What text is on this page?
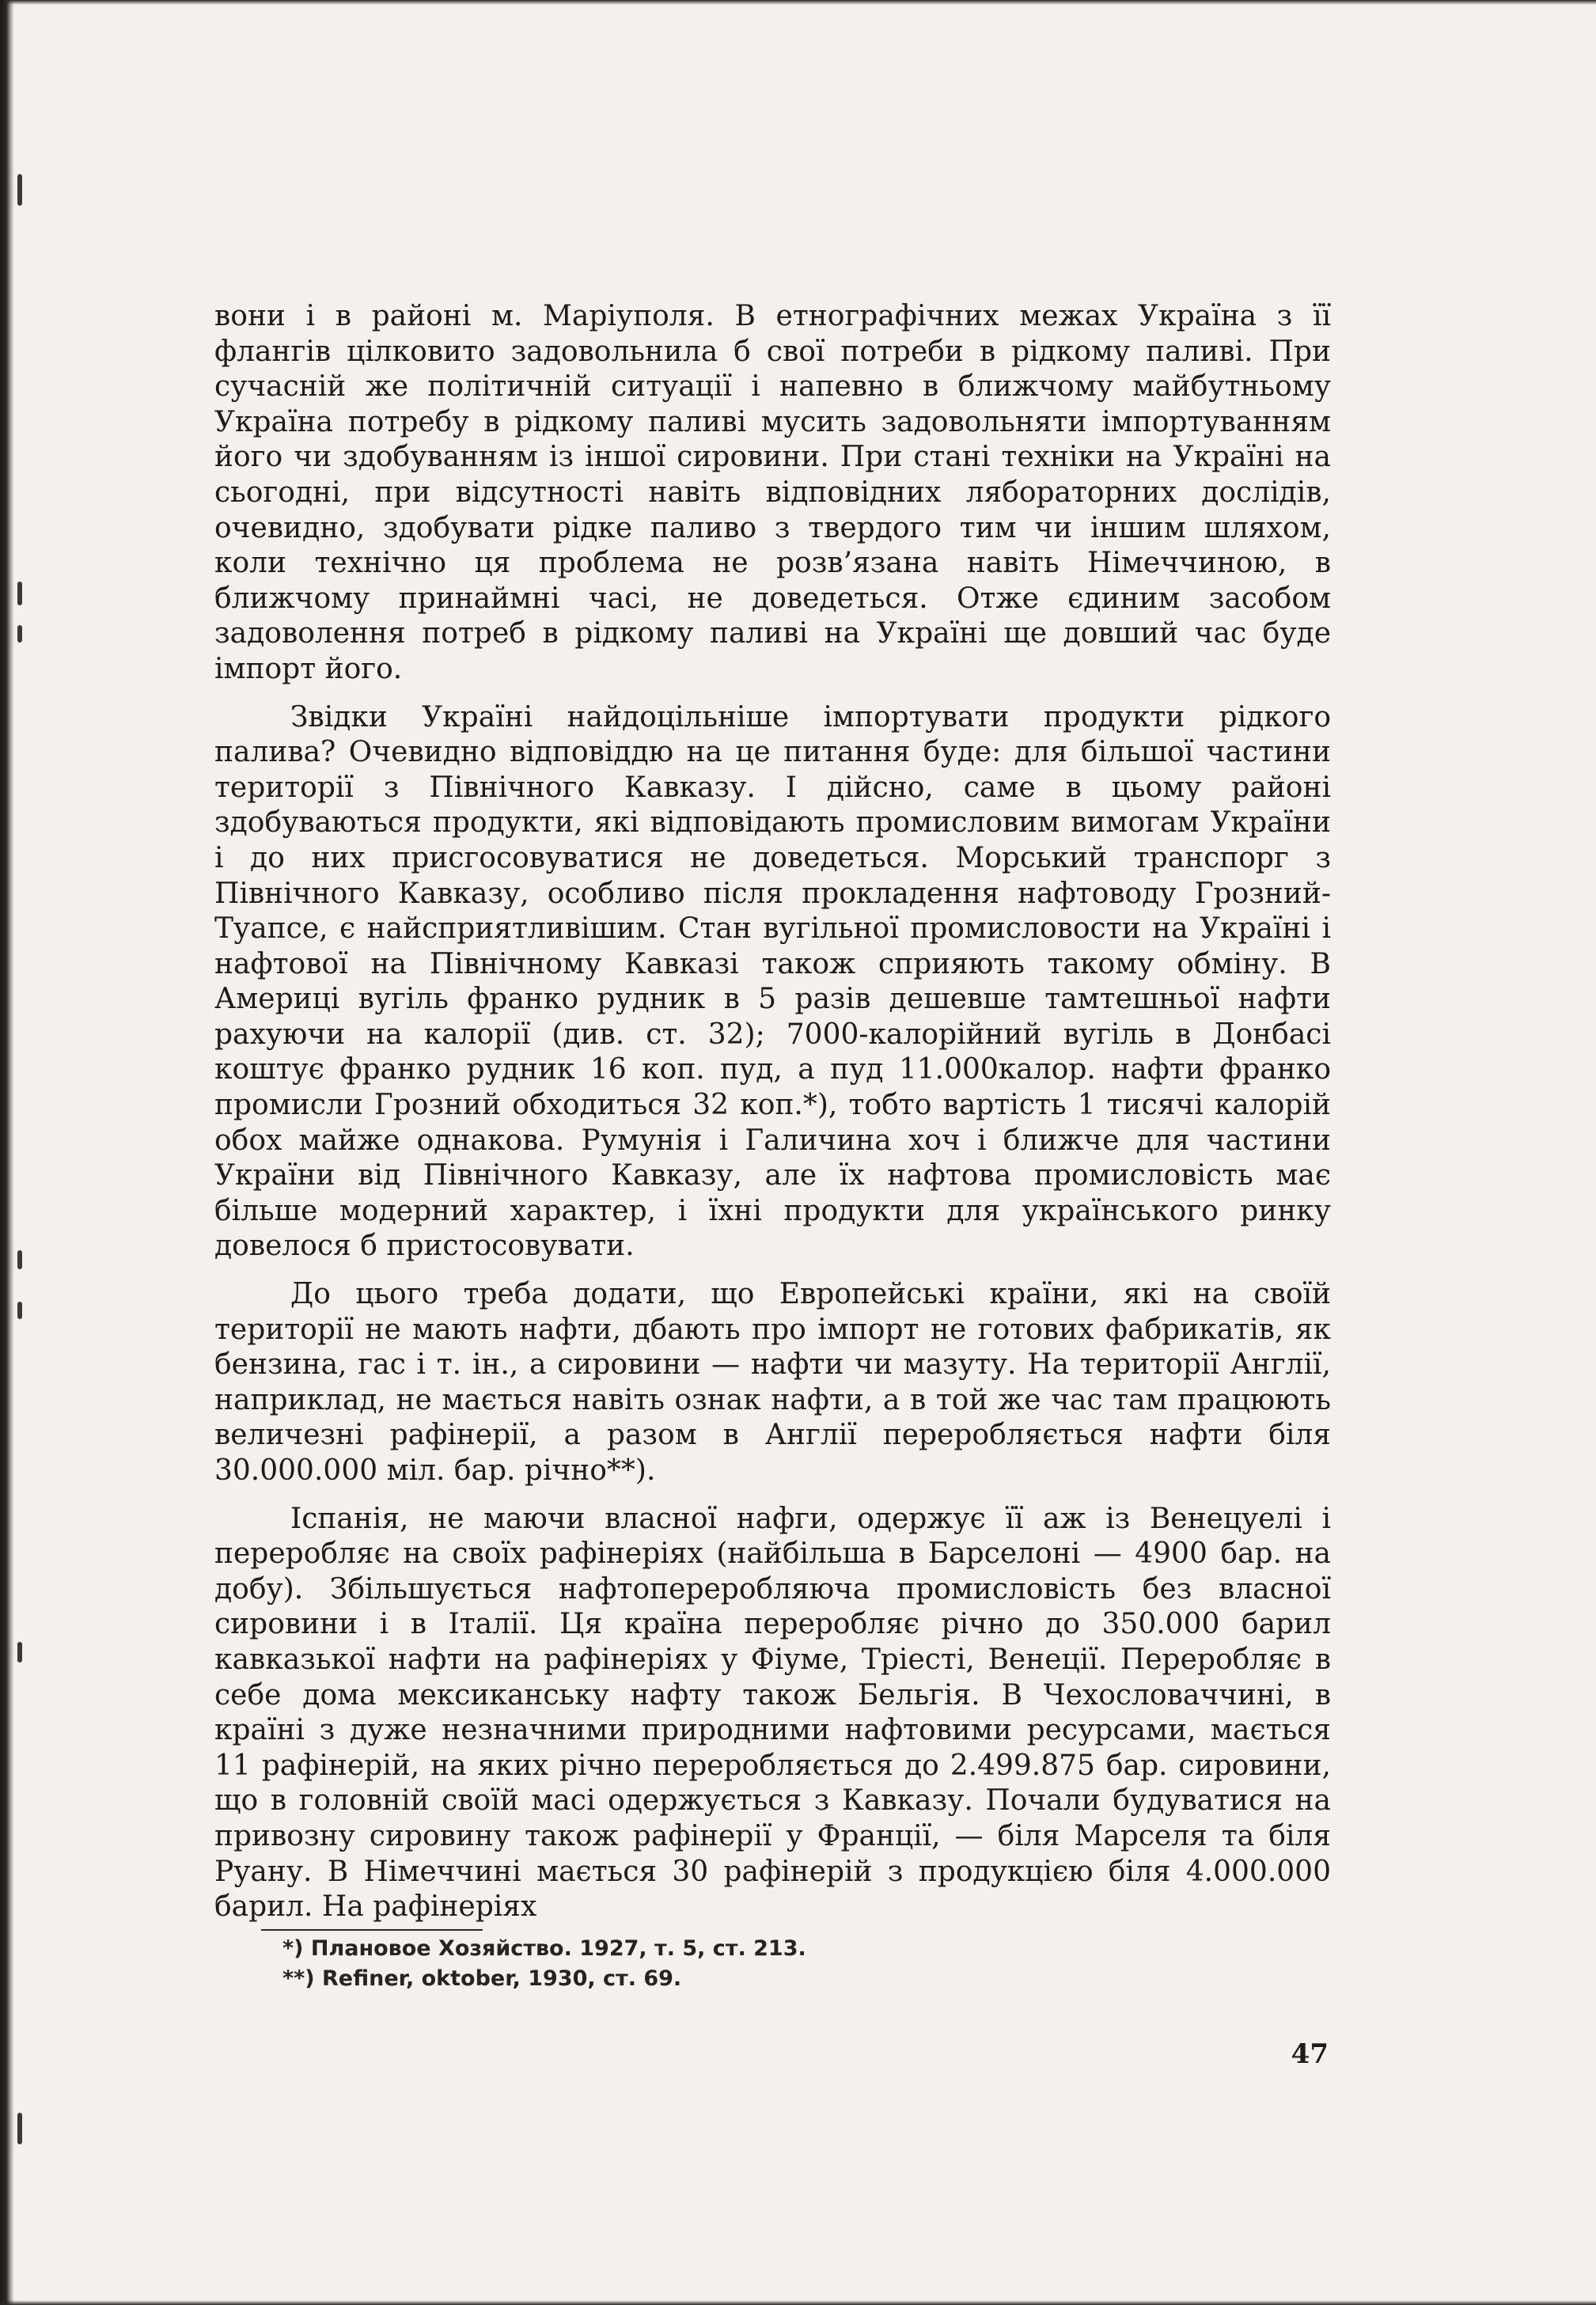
вони і в районі м. Маріуполя. В етнографічних межах Україна з її флангів цілковито задовольнила б свої потреби в рідкому паливі. При сучасній же політичній ситуації і напевно в ближчому майбутньому Україна потребу в рідкому паливі мусить задовольняти імпортуванням його чи здобуванням із іншої сировини. При стані техніки на Україні на сьогодні, при відсутності навіть відповідних ляборатoрних дослідів, очевидно, здобувати рідке паливо з твердого тим чи іншим шляхом, коли технічно ця проблема не розв’язана навіть Німеччиною, в ближчому принаймні часі, не доведеться. Отже єдиним засобом задоволення потреб в рідкому паливі на Україні ще довший час буде імпорт його.

Звідки Україні найдоцільніше імпортувати продукти рідкого палива? Очевидно відповіддю на це питання буде: для більшої частини території з Північного Кавказу. І дійсно, саме в цьому районі здобуваються продукти, які відповідають промисловим вимогам України і до них присгосовуватися не доведеться. Морський транспорг з Північного Кавказу, особливо після прокладення нафтоводу Грозний-Туапсе, є найсприятливішим. Стан вугільної промисловости на Україні і нафтової на Північному Кавказі також сприяють такому обміну. В Америці вугіль франко рудник в 5 разів дешевше тамтешньої нафти рахуючи на калорії (див. ст. 32); 7000-калорійний вугіль в Донбасі коштує франко рудник 16 коп. пуд, а пуд 11.000калор. нафти франко промисли Грозний обходиться 32 коп.*), тобто вартість 1 тисячі калорій обох майже однакова. Румунія і Галичина хоч і ближче для частини України від Північного Кавказу, але їх нафтова промисловість має більше модерний характер, і їхні продукти для українського ринку довелося б пристосовувати.

До цього треба додати, що Европейські країни, які на своїй території не мають нафти, дбають про імпорт не готових фабрикатів, як бензина, гас і т. ін., а сировини — нафти чи мазуту. На території Англії, наприклад, не мається навіть ознак нафти, а в той же час там працюють величезні рафінерії, а разом в Англії переробляється нафти біля 30.000.000 міл. бар. річно**).

Іспанія, не маючи власної нафги, одержує її аж із Венецуелі і переробляє на своїх рафінеріях (найбільша в Барселоні — 4900 бар. на добу). Збільшується нафтопереробляюча промисловість без власної сировини і в Італії. Ця країна переробляє річно до 350.000 барил кавказької нафти на рафінеріях у Фіуме, Тріесті, Венеції. Переробляє в себе дома мексиканську нафту також Бельгія. В Чехословаччині, в країні з дуже незначними природними нафтовими ресурсами, мається 11 рафінерій, на яких річно переробляється до 2.499.875 бар. сировини, що в головній своїй масі одержується з Кавказу. Почали будуватися на привозну сировину також рафінерії у Франції, — біля Марселя та біля Руану. В Німеччині мається 30 рафінерій з продукцією біля 4.000.000 барил. На рафінеріях

*) Плановое Хозяйство. 1927, т. 5, ст. 213.

**) Refiner, oktober, 1930, ст. 69.

47
